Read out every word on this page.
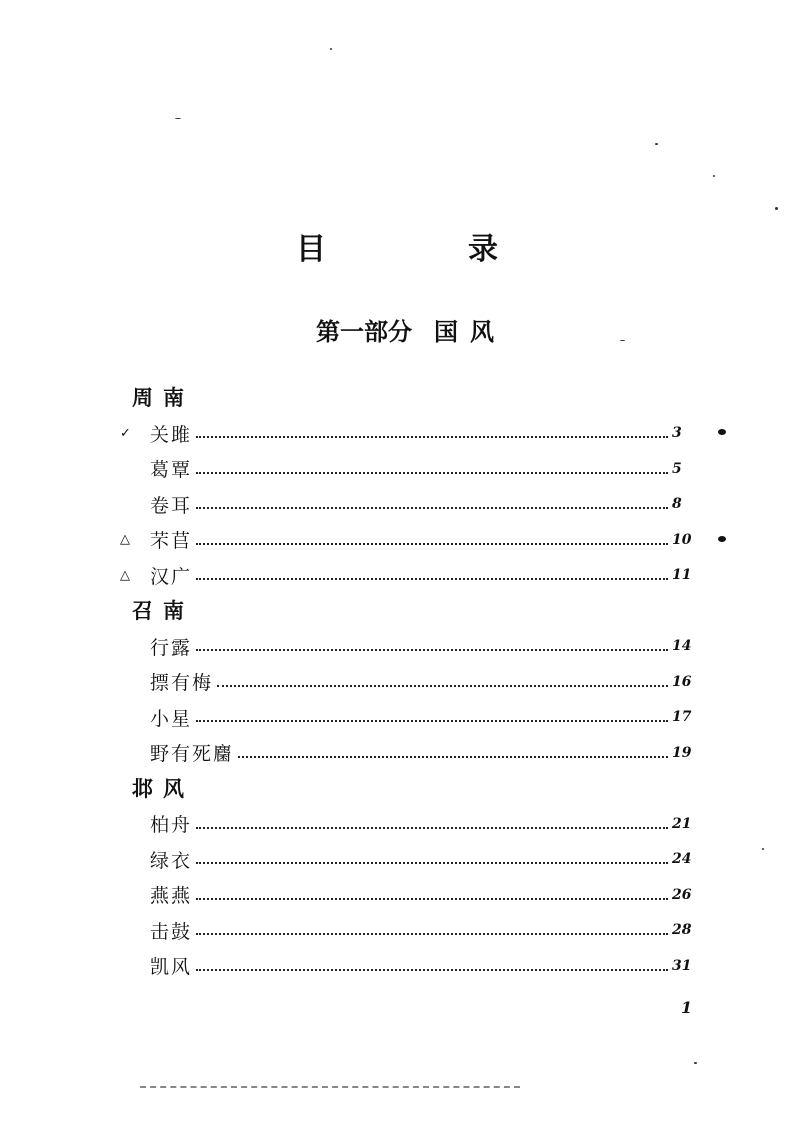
目　录
第一部分 国 风
周南
✓	关雎	3
葛覃	5
卷耳	8
△	芣苢	10
△	汉广	11
召南
行露	14
摽有梅	16
小星	17
野有死麕	19
邶风
柏舟	21
绿衣	24
燕燕	26
击鼓	28
凯风	31
1
